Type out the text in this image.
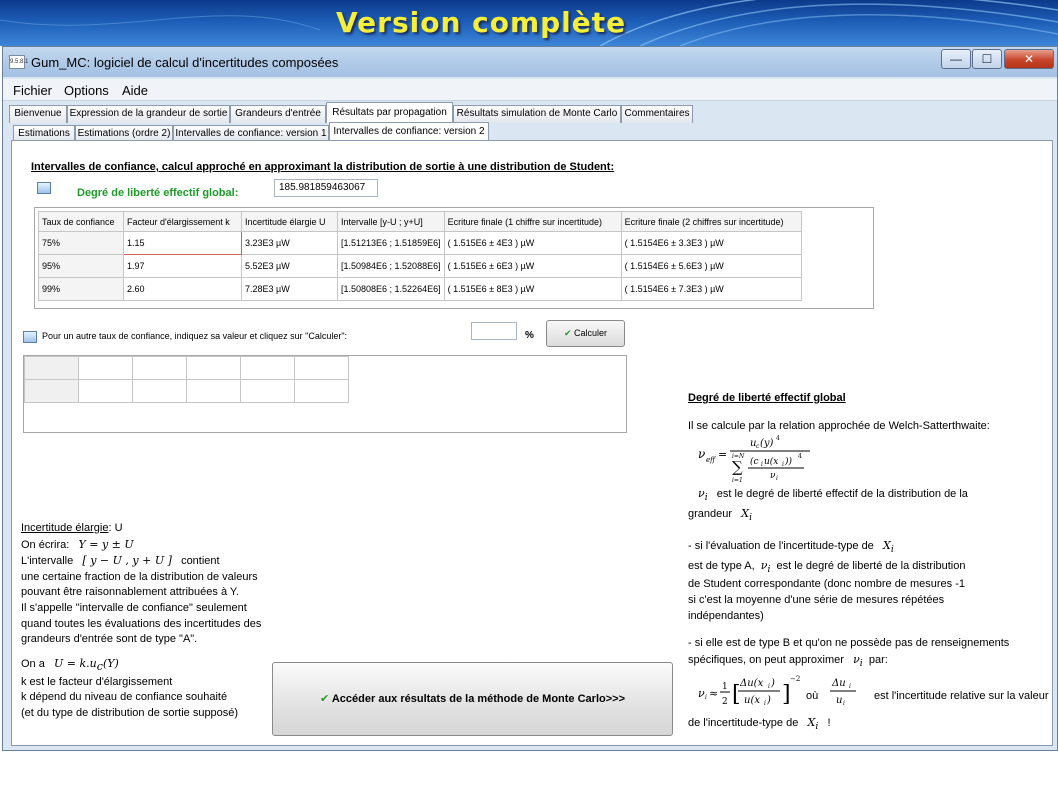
Version complète
9.5.8.1 Gum_MC: logiciel de calcul d'incertitudes composées	—	☐	✕
Fichier Options Aide
Bienvenue Expression de la grandeur de sortie Grandeurs d'entrée	Résultats par propagation Résultats simulation de Monte Carlo Commentaires
Estimations Estimations (ordre 2) Intervalles de confiance: version 1 Intervalles de confiance: version 2
Intervalles de confiance, calcul approché en approximant la distribution de sortie à une distribution de Student:
Degré de liberté effectif global:	185.981859463067
Taux de confiance	Facteur d'élargissement k	Incertitude élargie U	Intervalle [y-U ; y+U]	Ecriture finale (1 chiffre sur incertitude)	Ecriture finale (2 chiffres sur incertitude)
75%	1.15	3.23E3 µW	[1.51213E6 ; 1.51859E6]	( 1.515E6 ± 4E3 ) µW	( 1.5154E6 ± 3.3E3 ) µW
95%	1.97	5.52E3 µW	[1.50984E6 ; 1.52088E6]	( 1.515E6 ± 6E3 ) µW	( 1.5154E6 ± 5.6E3 ) µW
99%	2.60	7.28E3 µW	[1.50808E6 ; 1.52264E6]	( 1.515E6 ± 8E3 ) µW	( 1.5154E6 ± 7.3E3 ) µW
Pour un autre taux de confiance, indiquez sa valeur et cliquez sur "Calculer":	%	✔ Calculer

Incertitude élargie: U
On écrira: Y = y ± U
L'intervalle [ y − U , y + U ] contient
une certaine fraction de la distribution de valeurs
pouvant être raisonnablement attribuées à Y.
Il s'appelle "intervalle de confiance" seulement
quand toutes les évaluations des incertitudes des
grandeurs d'entrée sont de type "A".
On a $U = k.u_c(Y)$
k est le facteur d'élargissement
k dépend du niveau de confiance souhaité
(et du type de distribution de sortie supposé)
✔ Accéder aux résultats de la méthode de Monte Carlo>>>
Degré de liberté effectif global
Il se calcule par la relation approchée de Welch-Satterthwaite:
ν eff =
u c (y) 4
i=N
∑
i=1
(c i u(x i ))
4
ν i
$\nu_i$ est le degré de liberté effectif de la distribution de la
grandeur $X_i$
- si l'évaluation de l'incertitude-type de $X_i$
est de type A, $\nu_i$ est le degré de liberté de la distribution
de Student correspondante (donc nombre de mesures -1
si c'est la moyenne d'une série de mesures répétées
indépendantes)
- si elle est de type B et qu'on ne possède pas de renseignements
spécifiques, on peut approximer $\nu_i$ par:
ν i ≈ 1
2 [ Δu(x i )
u(x i ) ]
−2
où
Δu i
u i
est l'incertitude relative sur la valeur
de l'incertitude-type de $X_i$   !
